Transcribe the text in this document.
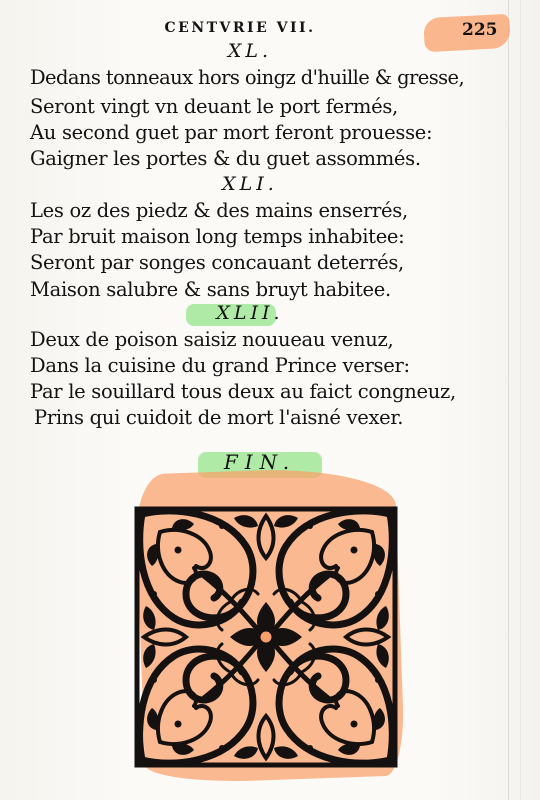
CENTVRIE VII.	225
XL.
Dedans tonneaux hors oingz d'huille & gresse,
Seront vingt vn deuant le port fermés,
Au second guet par mort feront prouesse:
Gaigner les portes & du guet assommés.
XLI.
Les oz des piedz & des mains enserrés,
Par bruit maison long temps inhabitee:
Seront par songes concauant deterrés,
Maison salubre & sans bruyt habitee.
XLII.
Deux de poison saisiz nouueau venuz,
Dans la cuisine du grand Prince verser:
Par le souillard tous deux au faict congneuz,
Prins qui cuidoit de mort l'aisné vexer.
FIN.
